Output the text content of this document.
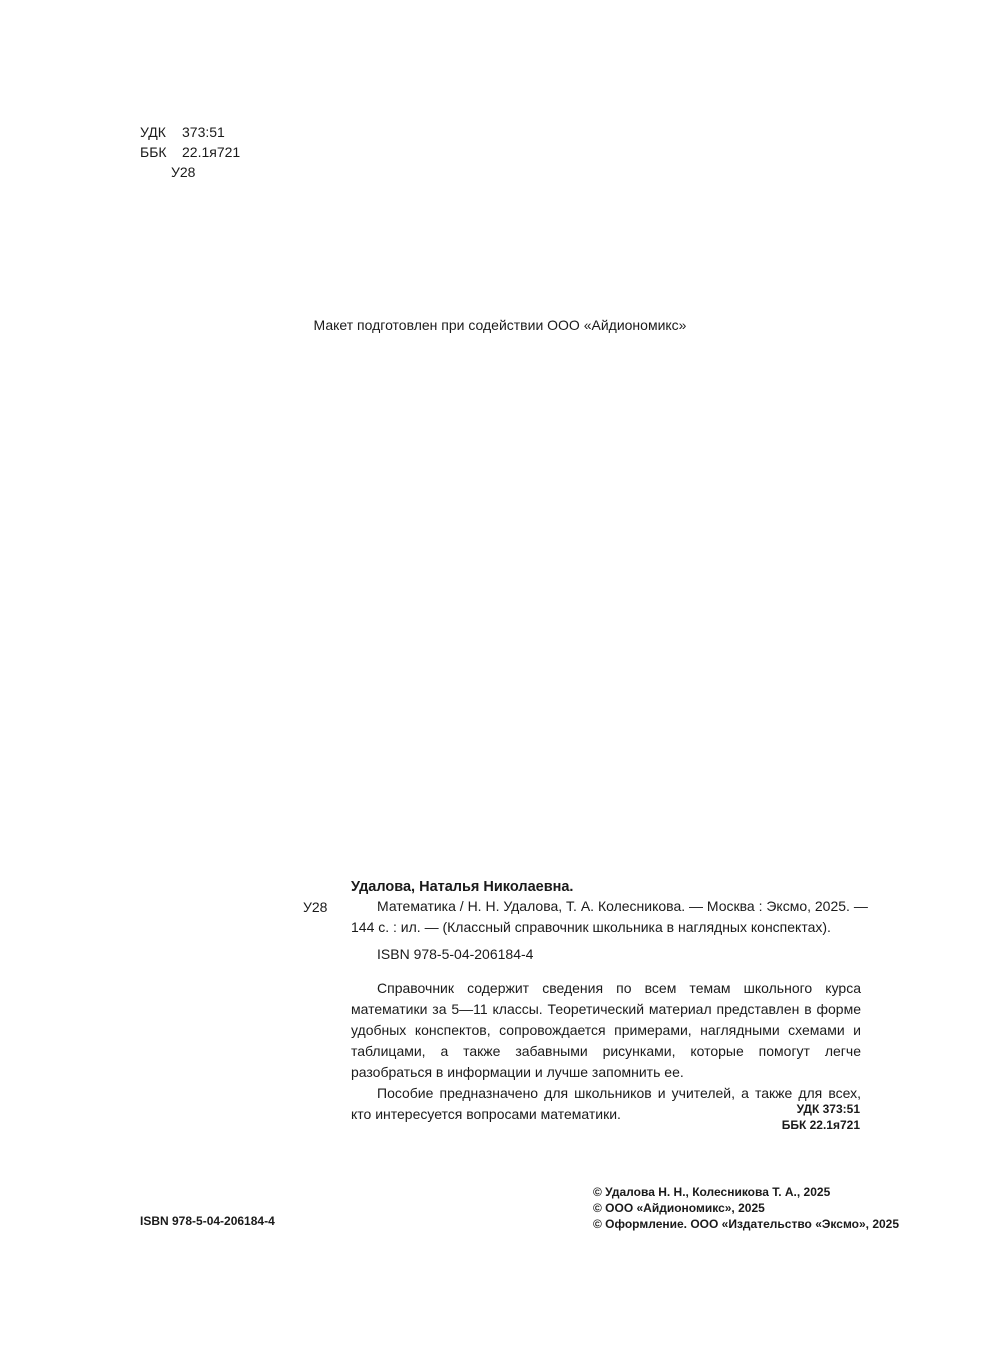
УДК	373:51
ББК	22.1я721
У28
Макет подготовлен при содействии ООО «Айдиономикс»
Удалова, Наталья Николаевна.
У28	Математика / Н. Н. Удалова, Т. А. Колесникова. — Москва : Эксмо, 2025. —

144 с. : ил. — (Классный справочник школьника в наглядных конспектах).

ISBN 978-5-04-206184-4

Справочник содержит сведения по всем темам школьного курса математики за 5—11 классы. Теоретический материал представлен в форме удобных конспектов, сопровождается примерами, наглядными схемами и таблицами, а также забавными рисунками, которые помогут легче разобраться в информации и лучше запомнить ее.

Пособие предназначено для школьников и учителей, а также для всех, кто интересуется вопросами математики.	УДК 373:51
ББК 22.1я721
© Удалова Н. Н., Колесникова Т. А., 2025
© ООО «Айдиономикс», 2025
© Оформление. ООО «Издательство «Эксмо», 2025
ISBN 978-5-04-206184-4
